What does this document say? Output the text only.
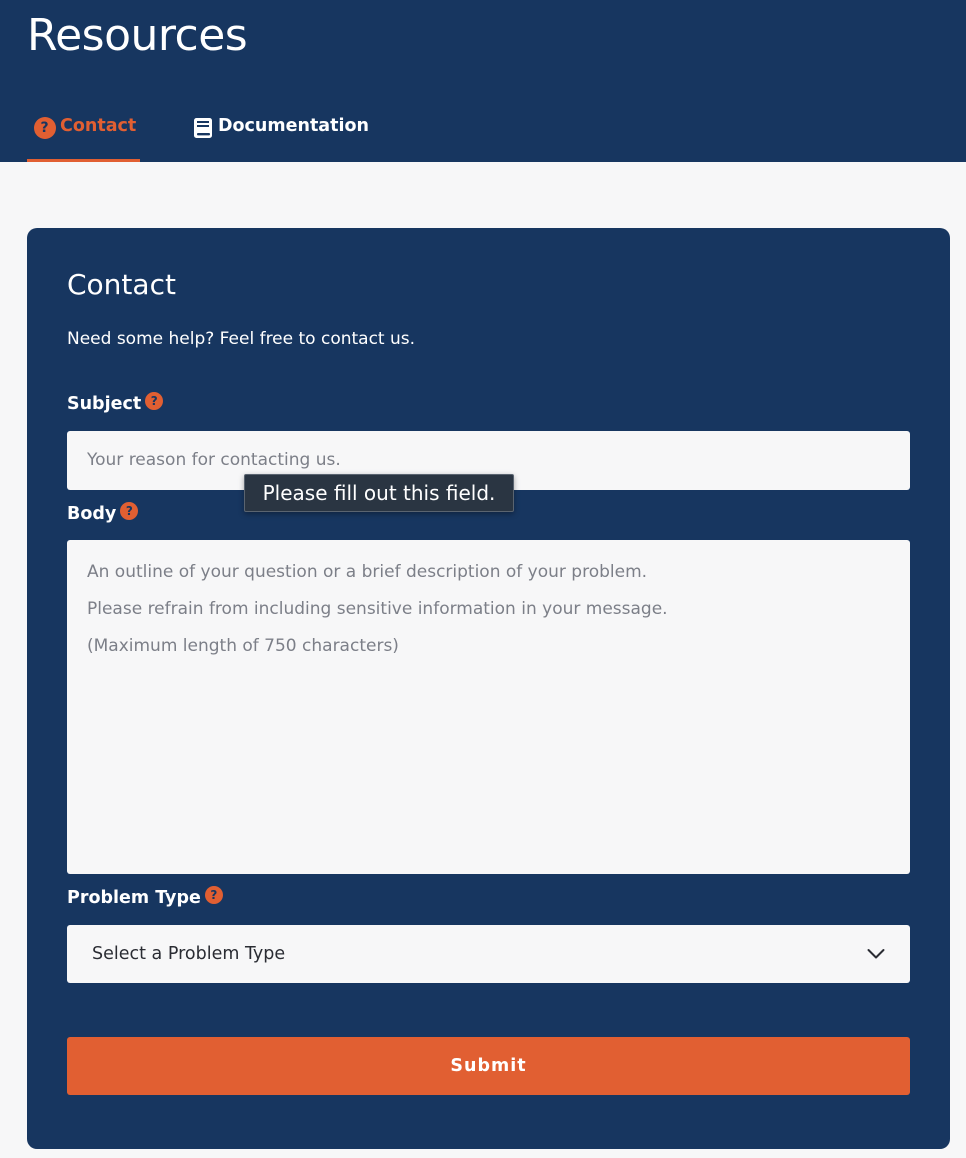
Resources
? Contact	Documentation
Contact

Need some help? Feel free to contact us.

Subject ?
Your reason for contacting us.
Body ?
An outline of your question or a brief description of your problem.
Please refrain from including sensitive information in your message.
(Maximum length of 750 characters)
Problem Type ?
Select a Problem Type
Submit
Please fill out this field.
